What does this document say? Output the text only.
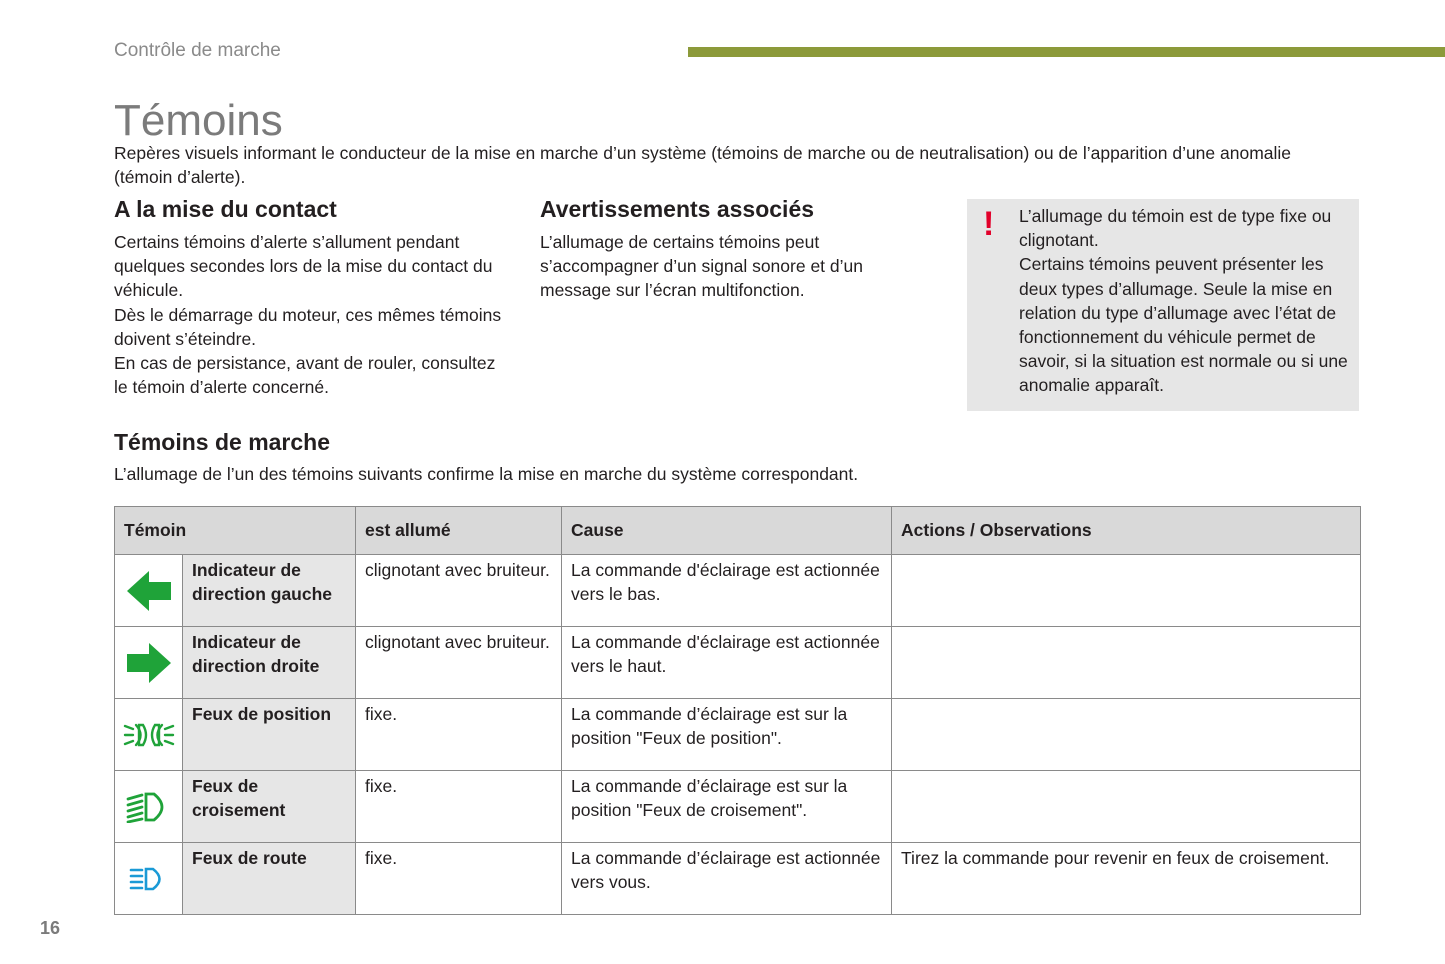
Contrôle de marche
Témoins
Repères visuels informant le conducteur de la mise en marche d’un système (témoins de marche ou de neutralisation) ou de l’apparition d’une anomalie (témoin d’alerte).
A la mise du contact
Certains témoins d’alerte s’allument pendant quelques secondes lors de la mise du contact du véhicule.
Dès le démarrage du moteur, ces mêmes témoins doivent s’éteindre.
En cas de persistance, avant de rouler, consultez le témoin d’alerte concerné.
Avertissements associés
L’allumage de certains témoins peut s’accompagner d’un signal sonore et d’un message sur l’écran multifonction.
! L’allumage du témoin est de type fixe ou clignotant.
Certains témoins peuvent présenter les deux types d’allumage. Seule la mise en relation du type d’allumage avec l’état de fonctionnement du véhicule permet de savoir, si la situation est normale ou si une anomalie apparaît.
Témoins de marche
L’allumage de l’un des témoins suivants confirme la mise en marche du système correspondant.
Témoin		est allumé	Cause	Actions / Observations
	Indicateur de direction gauche	clignotant avec bruiteur.	La commande d'éclairage est actionnée vers le bas.	
	Indicateur de direction droite	clignotant avec bruiteur.	La commande d'éclairage est actionnée vers le haut.	
	Feux de position	fixe.	La commande d’éclairage est sur la position "Feux de position".	
	Feux de croisement	fixe.	La commande d’éclairage est sur la position "Feux de croisement".	
	Feux de route	fixe.	La commande d’éclairage est actionnée vers vous.	Tirez la commande pour revenir en feux de croisement.
16
